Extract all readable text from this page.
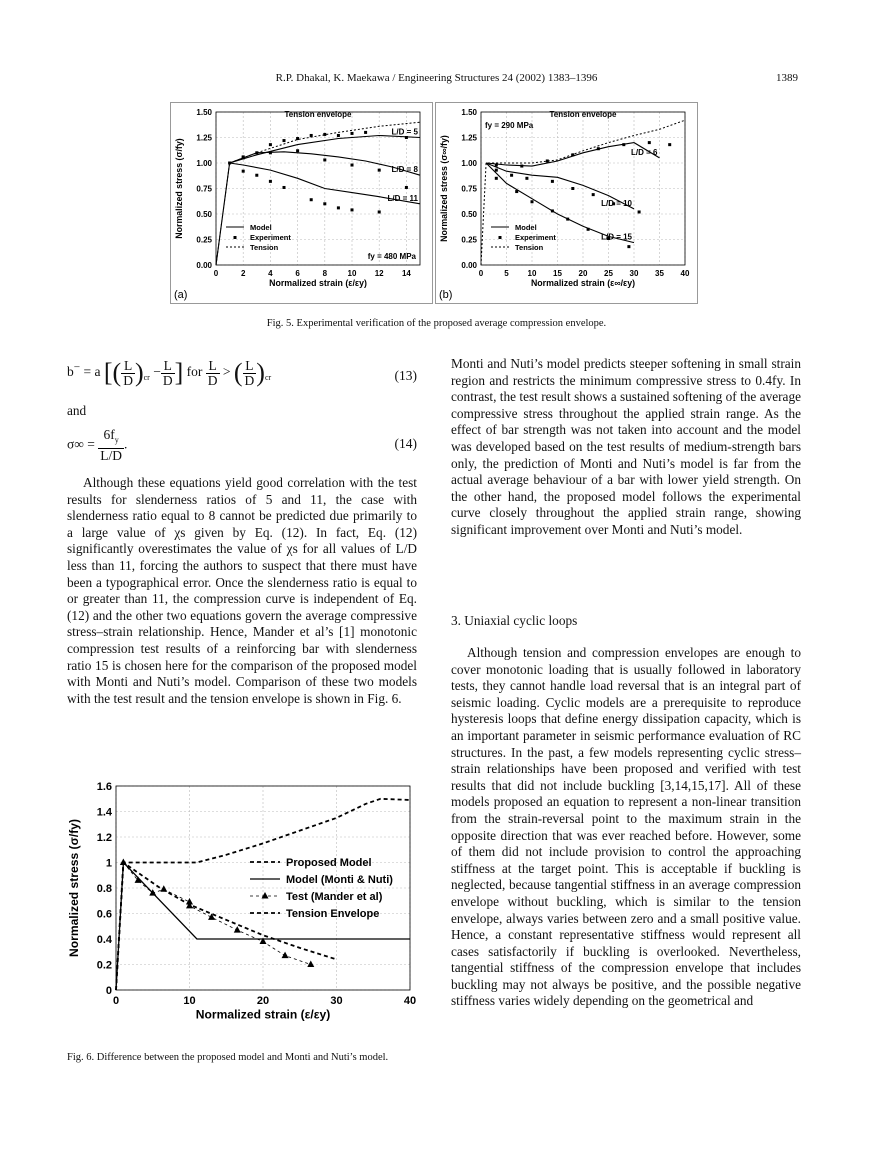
R.P. Dhakal, K. Maekawa / Engineering Structures 24 (2002) 1383–1396	1389
0.00
0.25
0.50
0.75
1.00
1.25
1.50
0	2	4	6	8	10 12 14
Normalized strain (ε/εy)
Normalized stress (σ/fy)
L/D = 5
L/D = 8
L/D = 11
Tension envelope
Model
Experiment
Tension
fy = 480 MPa
(a)
0.00
0.25
0.50
0.75
1.00
1.25
1.50
0	5 10 15 20 25 30 35 40
Normalized strain (ε∞/εy)
Normalized stress (σ∞/fy)	L/D = 6
L/D = 10
L/D = 15
Tension envelope
Model
Experiment
Tension
fy = 290 MPa
(b)
Fig. 5. Experimental verification of the proposed average compression envelope.
b− = a [( $\frac{L}{D} )_{cr} - \frac{L}{D}$ ] for $\frac{L}{D}$ > ( $\frac{L}{D} )_{cr}$	(13)
and
$\sigma\infty = \frac{6f_y}{L/D}$ .	(14)

Although these equations yield good correlation with the test results for slenderness ratios of 5 and 11, the case with slenderness ratio equal to 8 cannot be predicted due primarily to a large value of χs given by Eq. (12). In fact, Eq. (12) significantly overestimates the value of χs for all values of L/D less than 11, forcing the authors to suspect that there must have been a typographical error. Once the slenderness ratio is equal to or greater than 11, the compression curve is independent of Eq. (12) and the other two equations govern the average compressive stress–strain relationship. Hence, Mander et al’s [1] monotonic compression test results of a reinforcing bar with slenderness ratio 15 is chosen here for the comparison of the proposed model with Monti and Nuti’s model. Comparison of these two models with the test result and the tension envelope is shown in Fig. 6.

0
0.2
0.4
0.6
0.8
1
1.2
1.4
1.6
0	10	20	30	40
Normalized strain (ε/εy)
Normalized stress (σ/fy)	Proposed Model
Model (Monti & Nuti)
Test (Mander et al)
Tension Envelope
Fig. 6. Difference between the proposed model and Monti and Nuti’s model.

Monti and Nuti’s model predicts steeper softening in small strain region and restricts the minimum compressive stress to 0.4fy. In contrast, the test result shows a sustained softening of the average compressive stress throughout the applied strain range. As the effect of bar strength was not taken into account and the model was developed based on the test results of medium-strength bars only, the prediction of Monti and Nuti’s model is far from the actual average behaviour of a bar with lower yield strength. On the other hand, the proposed model follows the experimental curve closely throughout the applied strain range, showing significant improvement over Monti and Nuti’s model.

3. Uniaxial cyclic loops

Although tension and compression envelopes are enough to cover monotonic loading that is usually followed in laboratory tests, they cannot handle load reversal that is an integral part of seismic loading. Cyclic models are a prerequisite to reproduce hysteresis loops that define energy dissipation capacity, which is an important parameter in seismic performance evaluation of RC structures. In the past, a few models representing cyclic stress–strain relationships have been proposed and verified with test results that did not include buckling [3,14,15,17]. All of these models proposed an equation to represent a non-linear transition from the strain-reversal point to the maximum strain in the opposite direction that was ever reached before. However, some of them did not include provision to control the approaching stiffness at the target point. This is acceptable if buckling is neglected, because tangential stiffness in an average compression envelope without buckling, which is similar to the tension envelope, always varies between zero and a small positive value. Hence, a constant representative stiffness would represent all cases satisfactorily if buckling is overlooked. Nevertheless, tangential stiffness of the compression envelope that includes buckling may not always be positive, and the possible negative stiffness varies widely depending on the geometrical and
